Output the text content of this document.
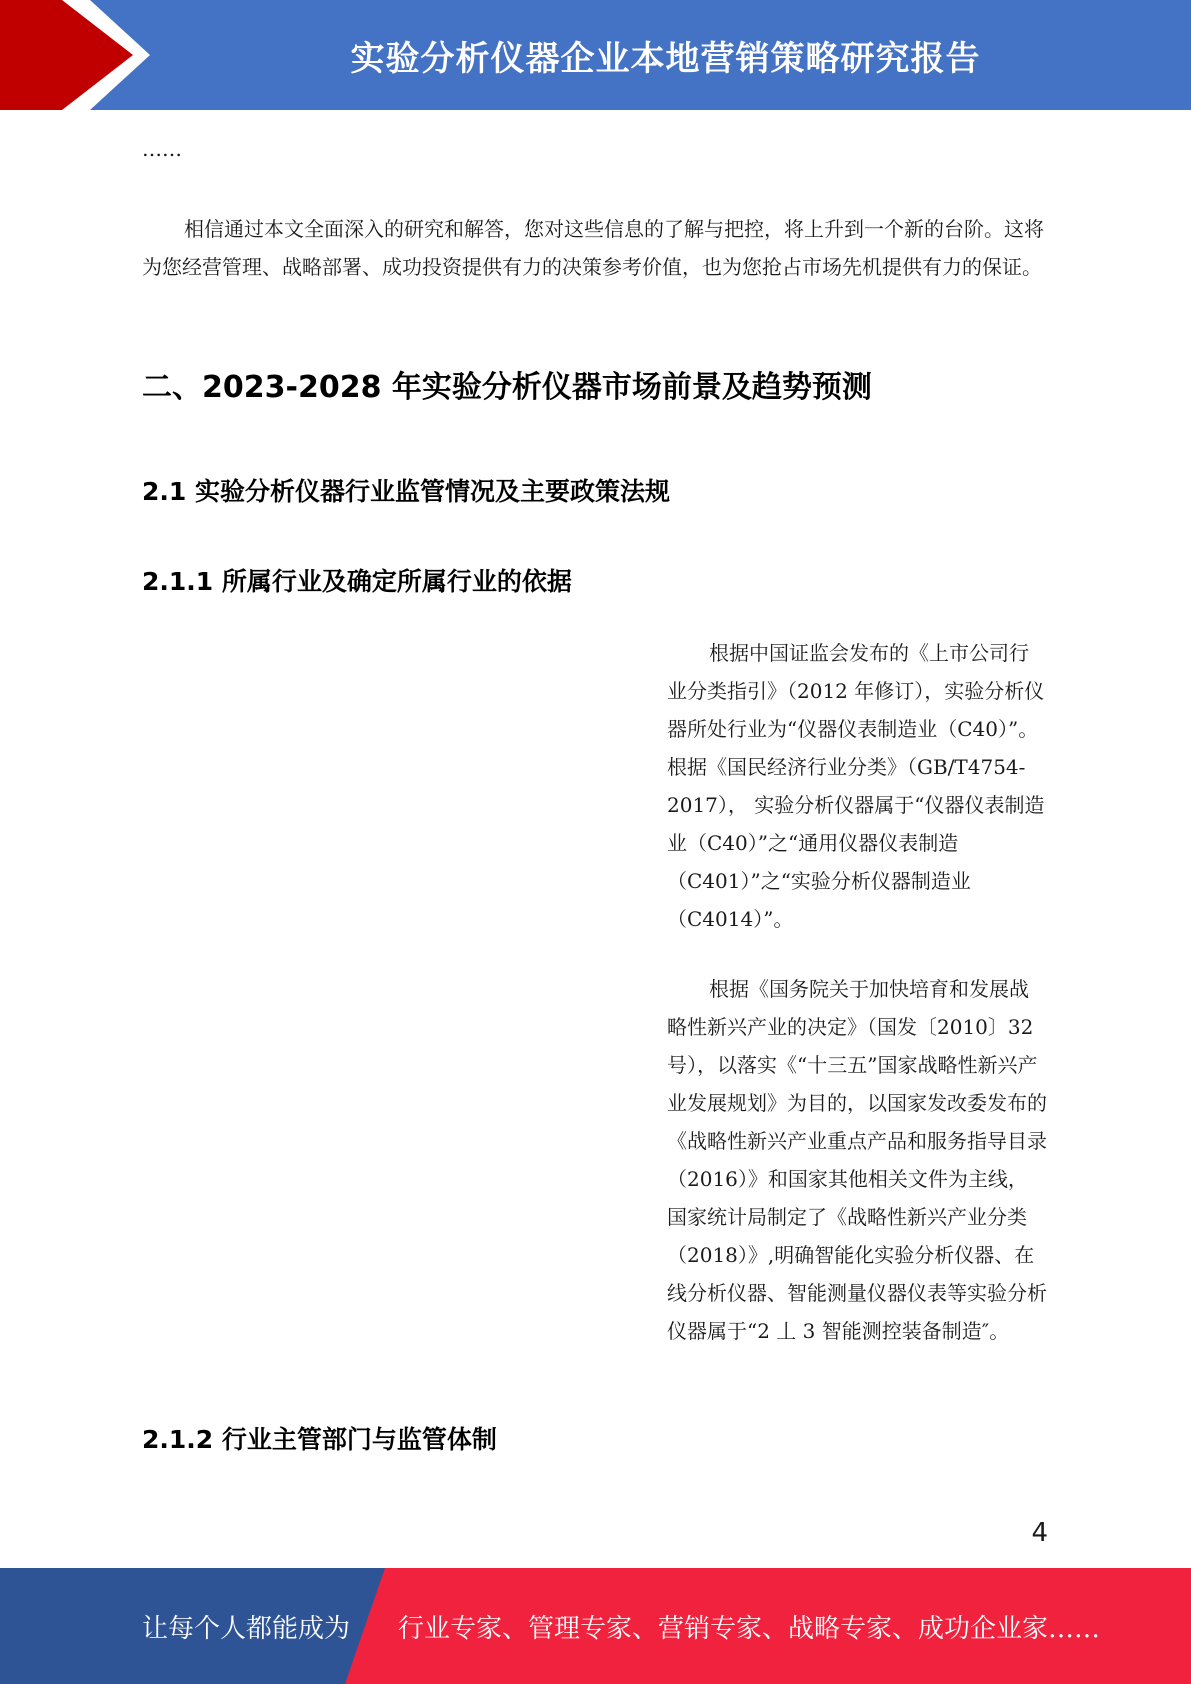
实验分析仪器企业本地营销策略研究报告
……
相信通过本文全面深入的研究和解答，您对这些信息的了解与把控，将上升到一个新的台阶。这将为您经营管理、战略部署、成功投资提供有力的决策参考价值，也为您抢占市场先机提供有力的保证。
二、2023-2028 年实验分析仪器市场前景及趋势预测
2.1 实验分析仪器行业监管情况及主要政策法规
2.1.1 所属行业及确定所属行业的依据
根据中国证监会发布的《上市公司行业分类指引》（2012 年修订），实验分析仪器所处行业为“仪器仪表制造业（C40）”。根据《国民经济行业分类》（GB/T4754-2017）， 实验分析仪器属于“仪器仪表制造业（C40）”之“通用仪器仪表制造（C401）”之“实验分析仪器制造业（C4014）”。
根据《国务院关于加快培育和发展战略性新兴产业的决定》（国发〔2010〕32号），以落实《“十三五”国家战略性新兴产业发展规划》为目的，以国家发改委发布的《战略性新兴产业重点产品和服务指导目录（2016）》和国家其他相关文件为主线，国家统计局制定了《战略性新兴产业分类（2018）》,明确智能化实验分析仪器、在线分析仪器、智能测量仪器仪表等实验分析仪器属于“2 丄 3 智能测控装备制造″。
2.1.2 行业主管部门与监管体制
4
让每个人都能成为 行业专家、管理专家、营销专家、战略专家、成功企业家……
